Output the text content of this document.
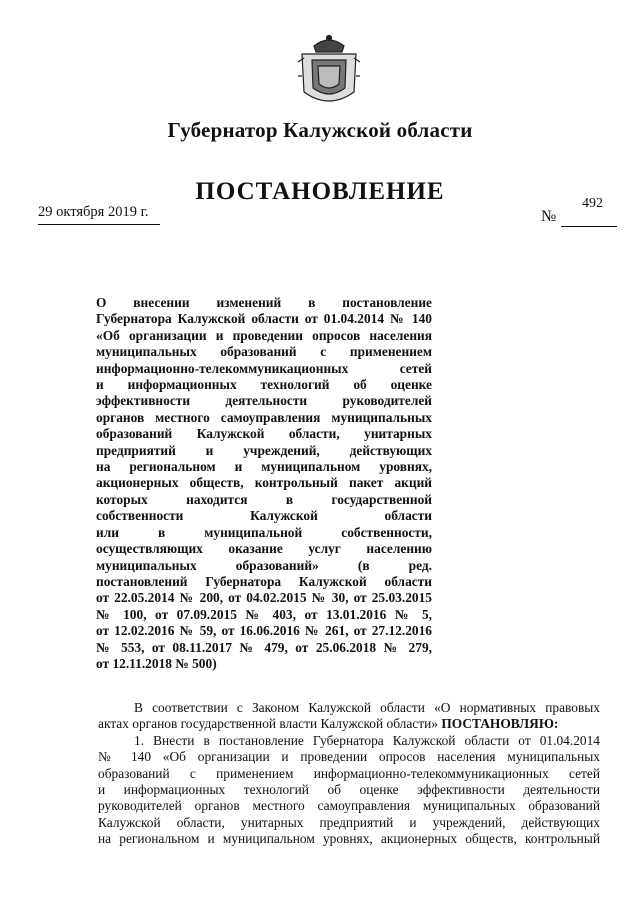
Губернатор Калужской области
ПОСТАНОВЛЕНИЕ
29 октября 2019 г.	№
492
О внесении изменений в постановление
Губернатора Калужской области от 01.04.2014 № 140
«Об организации и проведении опросов населения
муниципальных образований с применением
информационно-телекоммуникационных сетей
и информационных технологий об оценке
эффективности деятельности руководителей
органов местного самоуправления муниципальных
образований Калужской области, унитарных
предприятий и учреждений, действующих
на региональном и муниципальном уровнях,
акционерных обществ, контрольный пакет акций
которых находится в государственной
собственности Калужской области
или в муниципальной собственности,
осуществляющих оказание услуг населению
муниципальных образований» (в ред.
постановлений Губернатора Калужской области
от 22.05.2014 № 200, от 04.02.2015 № 30, от 25.03.2015
№ 100, от 07.09.2015 № 403, от 13.01.2016 № 5,
от 12.02.2016 № 59, от 16.06.2016 № 261, от 27.12.2016
№ 553, от 08.11.2017 № 479, от 25.06.2018 № 279,
от 12.11.2018 № 500)

В соответствии с Законом Калужской области «О нормативных правовых
актах органов государственной власти Калужской области» ПОСТАНОВЛЯЮ:

1. Внести в постановление Губернатора Калужской области от 01.04.2014
№ 140 «Об организации и проведении опросов населения муниципальных
образований с применением информационно-телекоммуникационных сетей
и информационных технологий об оценке эффективности деятельности
руководителей органов местного самоуправления муниципальных образований
Калужской области, унитарных предприятий и учреждений, действующих
на региональном и муниципальном уровнях, акционерных обществ, контрольный
